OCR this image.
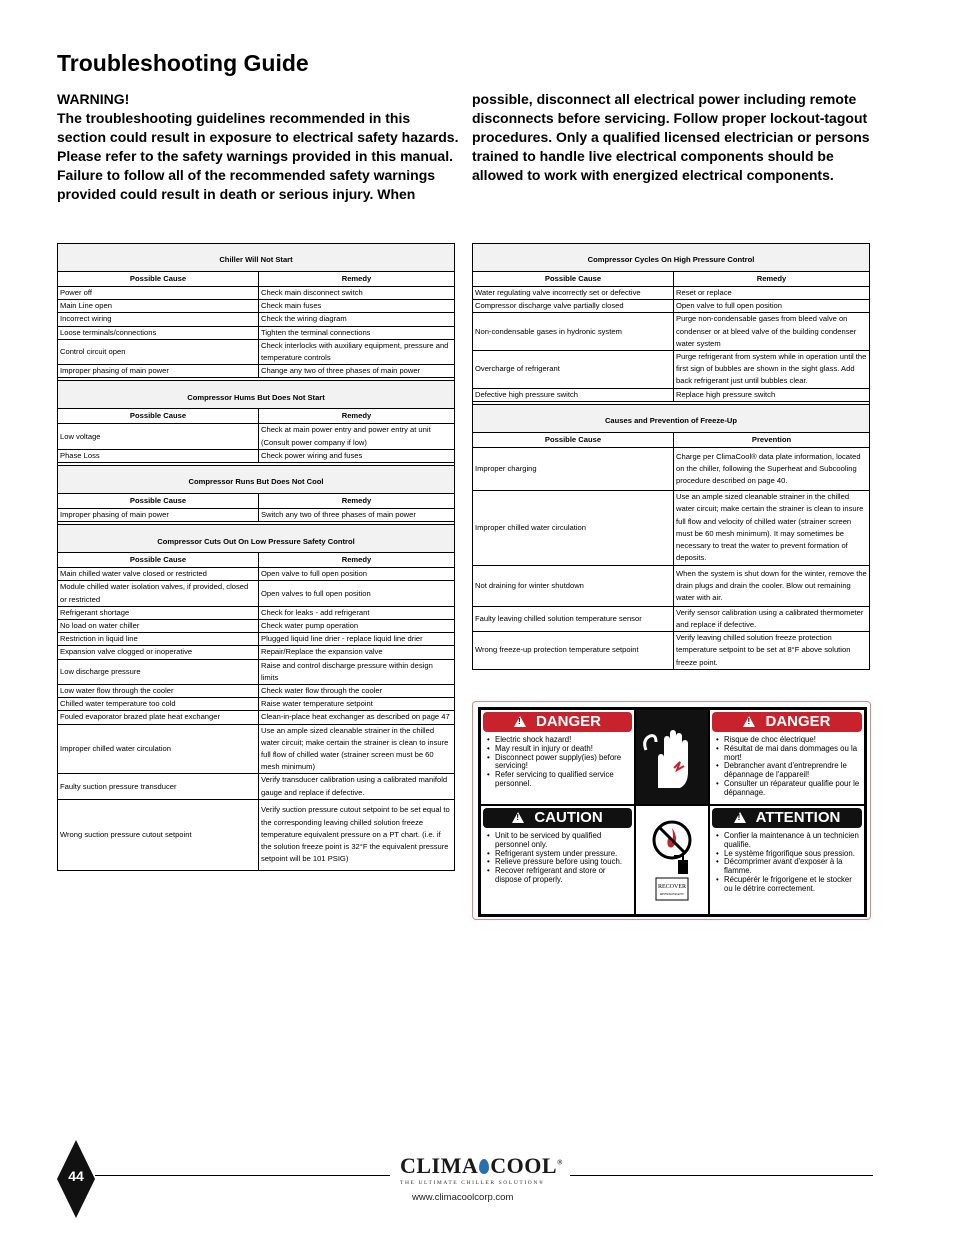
Troubleshooting Guide
WARNING!
The troubleshooting guidelines recommended in this
section could result in exposure to electrical safety hazards.
Please refer to the safety warnings provided in this manual.
Failure to follow all of the recommended safety warnings
provided could result in death or serious injury. When
possible, disconnect all electrical power including remote
disconnects before servicing. Follow proper lockout-tagout
procedures. Only a qualified licensed electrician or persons
trained to handle live electrical components should be
allowed to work with energized electrical components.
Chiller Will Not Start	
Possible Cause	Remedy
Power off	Check main disconnect switch
Main Line open	Check main fuses
Incorrect wiring	Check the wiring diagram
Loose terminals/connections	Tighten the terminal connections
Control circuit open	Check interlocks with auxiliary equipment, pressure and temperature controls
Improper phasing of main power	Change any two of three phases of main power

Compressor Hums But Does Not Start	
Possible Cause	Remedy
Low voltage	Check at main power entry and power entry at unit (Consult power company if low)
Phase Loss	Check power wiring and fuses

Compressor Runs But Does Not Cool	
Possible Cause	Remedy
Improper phasing of main power	Switch any two of three phases of main power

Compressor Cuts Out On Low Pressure Safety Control	
Possible Cause	Remedy
Main chilled water valve closed or restricted	Open valve to full open position
Module chilled water isolation valves, if provided, closed or restricted	Open valves to full open position
Refrigerant shortage	Check for leaks - add refrigerant
No load on water chiller	Check water pump operation
Restriction in liquid line	Plugged liquid line drier - replace liquid line drier
Expansion valve clogged or inoperative	Repair/Replace the expansion valve
Low discharge pressure	Raise and control discharge pressure within design limits
Low water flow through the cooler	Check water flow through the cooler
Chilled water temperature too cold	Raise water temperature setpoint
Fouled evaporator brazed plate heat exchanger	Clean-in-place heat exchanger as described on page 47
Improper chilled water circulation	Use an ample sized cleanable strainer in the chilled water circuit; make certain the strainer is clean to insure full flow of chilled water (strainer screen must be 60 mesh minimum)
Faulty suction pressure transducer	Verify transducer calibration using a calibrated manifold gauge and replace if defective.
Wrong suction pressure cutout setpoint	Verify suction pressure cutout setpoint to be set equal to the corresponding leaving chilled solution freeze temperature equivalent pressure on a PT chart. (i.e. if the solution freeze point is 32°F the equivalent pressure setpoint will be 101 PSIG)
Compressor Cycles On High Pressure Control	
Possible Cause	Remedy
Water regulating valve incorrectly set or defective	Reset or replace
Compressor discharge valve partially closed	Open valve to full open position
Non-condensable gases in hydronic system	Purge non-condensable gases from bleed valve on condenser or at bleed valve of the building condenser water system
Overcharge of refrigerant	Purge refrigerant from system while in operation until the first sign of bubbles are shown in the sight glass. Add back refrigerant just until bubbles clear.
Defective high pressure switch	Replace high pressure switch

Causes and Prevention of Freeze-Up	
Possible Cause	Prevention
Improper charging	Charge per ClimaCool® data plate information, located on the chiller, following the Superheat and Subcooling procedure described on page 40.
Improper chilled water circulation	Use an ample sized cleanable strainer in the chilled water circuit; make certain the strainer is clean to insure full flow and velocity of chilled water (strainer screen must be 60 mesh minimum). It may sometimes be necessary to treat the water to prevent formation of deposits.
Not draining for winter shutdown	When the system is shut down for the winter, remove the drain plugs and drain the cooler. Blow out remaining water with air.
Faulty leaving chilled solution temperature sensor	Verify sensor calibration using a calibrated thermometer and replace if defective.
Wrong freeze-up protection temperature setpoint	Verify leaving chilled solution freeze protection temperature setpoint to be set at 8°F above solution freeze point.
! DANGER
• Electric shock hazard!
• May result in injury or death!
• Disconnect power supply(ies) before servicing!
• Refer servicing to qualified service personnel.
! DANGER
• Risque de choc électrique!
• Résultat de mai dans dommages ou la mort!
• Debrancher avant d'entreprendre le dépannage de l'appareil!
• Consulter un réparateur qualifie pour le dépannage.
! CAUTION
• Unit to be serviced by qualified personnel only.
• Refrigerant system under pressure.
• Relieve pressure before using touch.
• Recover refrigerant and store or dispose of properly.
RECOVER
REFRIGERANT
! ATTENTION
• Confier la maintenance à un technicien qualifie.
• Le système frigorifique sous pression.
• Décomprimer avant d'exposer à la flamme.
• Récupérér le frigorigene et le stocker ou le détrire correctement.
44	CLIMA COOL®
THE ULTIMATE CHILLER SOLUTION®
www.climacoolcorp.com
